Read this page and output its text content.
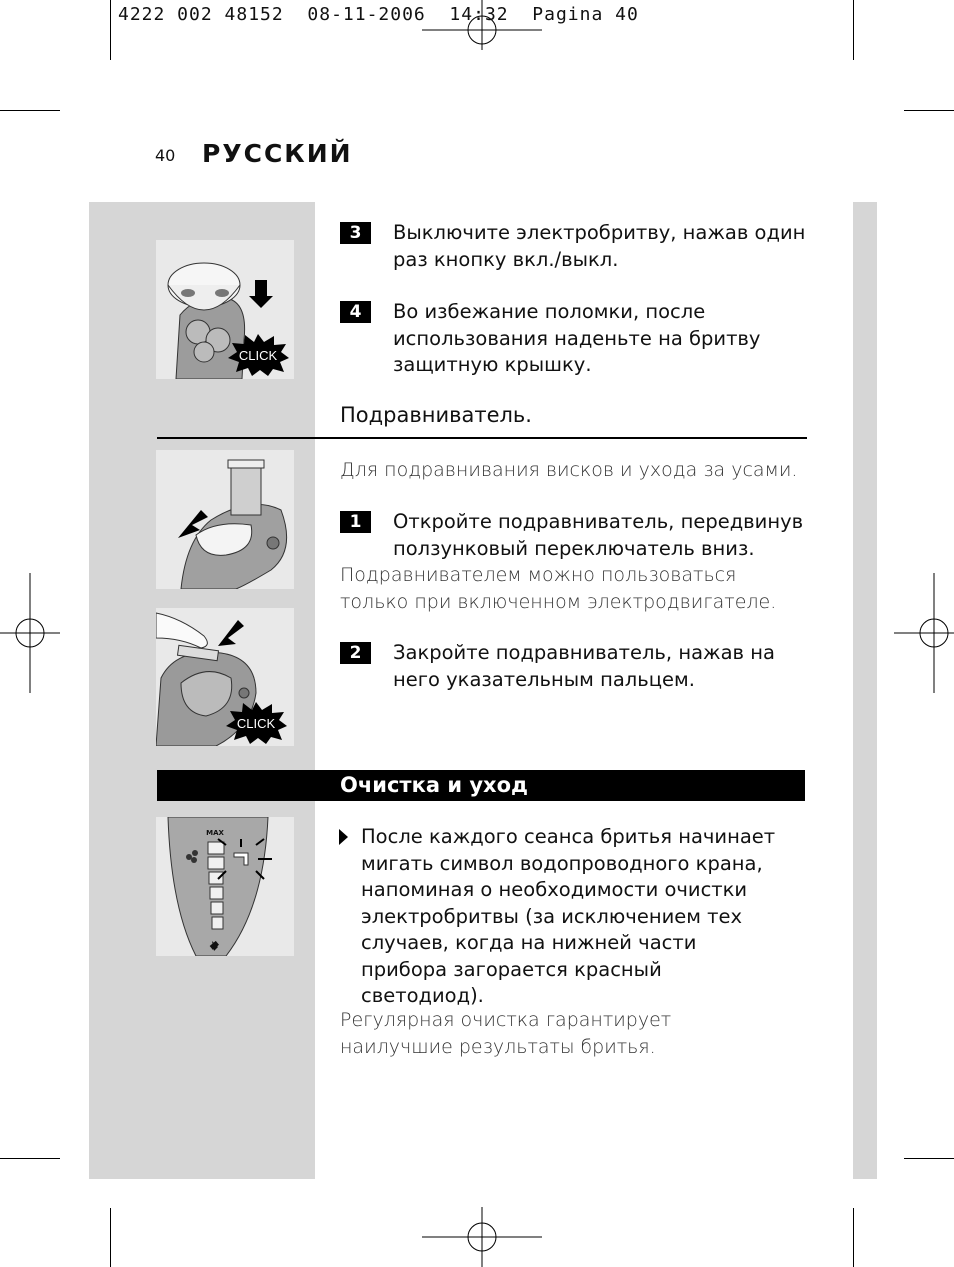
4222 002 48152  08-11-2006  14:32  Pagina 40
40 РУССКИЙ
CLICK
3	Выключите электробритву, нажав один раз кнопку вкл./выкл.
4	Во избежание поломки, после использования наденьте на бритву защитную крышку.
Подравниватель.
Для подравнивания висков и ухода за усами.
1	Откройте подравниватель, передвинув ползунковый переключатель вниз.
Подравнивателем можно пользоваться только при включенном электродвигателе.
CLICK
2	Закройте подравниватель, нажав на него указательным пальцем.
Очистка и уход
MAX	После каждого сеанса бритья начинает мигать символ водопроводного крана, напоминая о необходимости очистки электробритвы (за исключением тех случаев, когда на нижней части прибора загорается красный светодиод).
Регулярная очистка гарантирует наилучшие результаты бритья.
